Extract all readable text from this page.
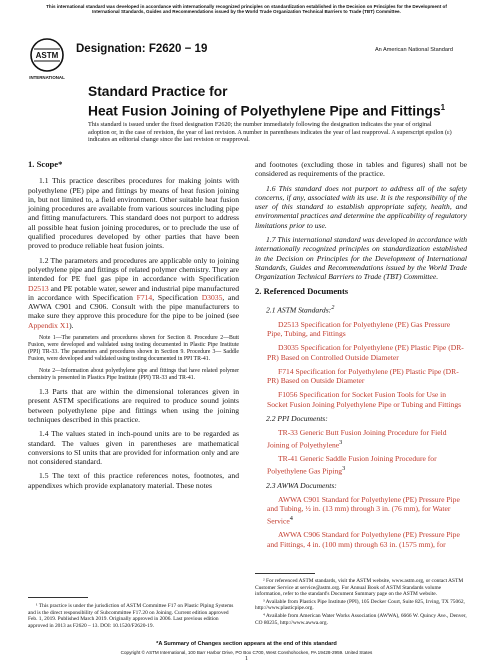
This international standard was developed in accordance with internationally recognized principles on standardization established in the Decision on Principles for the Development of International Standards, Guides and Recommendations issued by the World Trade Organization Technical Barriers to Trade (TBT) Committee.
ASTM
INTERNATIONAL
Designation: F2620 − 19	An American National Standard
Standard Practice for
Heat Fusion Joining of Polyethylene Pipe and Fittings$^1$
This standard is issued under the fixed designation F2620; the number immediately following the designation indicates the year of original adoption or, in the case of revision, the year of last revision. A number in parentheses indicates the year of last reapproval. A superscript epsilon (ε) indicates an editorial change since the last revision or reapproval.
1. Scope*

1.1 This practice describes procedures for making joints with polyethylene (PE) pipe and fittings by means of heat fusion joining in, but not limited to, a field environment. Other suitable heat fusion joining procedures are available from various sources including pipe and fitting manufacturers. This standard does not purport to address all possible heat fusion joining procedures, or to preclude the use of qualified procedures developed by other parties that have been proved to produce reliable heat fusion joints.

1.2 The parameters and procedures are applicable only to joining polyethylene pipe and fittings of related polymer chemistry. They are intended for PE fuel gas pipe in accordance with Specification D2513 and PE potable water, sewer and industrial pipe manufactured in accordance with Specification F714, Specification D3035, and AWWA C901 and C906. Consult with the pipe manufacturers to make sure they approve this procedure for the pipe to be joined (see Appendix X1).

Note 1—The parameters and procedures shown for Section 8. Procedure 2—Butt Fusion, were developed and validated using testing documented in Plastic Pipe Institute (PPI) TR-33. The parameters and procedures shown in Section 9. Procedure 3— Saddle Fusion, were developed and validated using testing documented in PPI TR-41.

Note 2—Information about polyethylene pipe and fittings that have related polymer chemistry is presented in Plastics Pipe Institute (PPI) TR-33 and TR-41.

1.3 Parts that are within the dimensional tolerances given in present ASTM specifications are required to produce sound joints between polyethylene pipe and fittings when using the joining techniques described in this practice.

1.4 The values stated in inch-pound units are to be regarded as standard. The values given in parentheses are mathematical conversions to SI units that are provided for information only and are not considered standard.

1.5 The text of this practice references notes, footnotes, and appendixes which provide explanatory material. These notes

and footnotes (excluding those in tables and figures) shall not be considered as requirements of the practice.

1.6 This standard does not purport to address all of the safety concerns, if any, associated with its use. It is the responsibility of the user of this standard to establish appropriate safety, health, and environmental practices and determine the applicability of regulatory limitations prior to use.

1.7 This international standard was developed in accordance with internationally recognized principles on standardization established in the Decision on Principles for the Development of International Standards, Guides and Recommendations issued by the World Trade Organization Technical Barriers to Trade (TBT) Committee.

2. Referenced Documents

2.1 ASTM Standards:$^2$

D2513 Specification for Polyethylene (PE) Gas Pressure Pipe, Tubing, and Fittings

D3035 Specification for Polyethylene (PE) Plastic Pipe (DR-PR) Based on Controlled Outside Diameter

F714 Specification for Polyethylene (PE) Plastic Pipe (DR-PR) Based on Outside Diameter

F1056 Specification for Socket Fusion Tools for Use in Socket Fusion Joining Polyethylene Pipe or Tubing and Fittings

2.2 PPI Documents:

TR-33 Generic Butt Fusion Joining Procedure for Field Joining of Polyethylene$^3$

TR-41 Generic Saddle Fusion Joining Procedure for Polyethylene Gas Piping$^3$

2.3 AWWA Documents:

AWWA C901 Standard for Polyethylene (PE) Pressure Pipe and Tubing, ½ in. (13 mm) through 3 in. (76 mm), for Water Service$^4$

AWWA C906 Standard for Polyethylene (PE) Pressure Pipe and Fittings, 4 in. (100 mm) through 63 in. (1575 mm), for

¹ This practice is under the jurisdiction of ASTM Committee F17 on Plastic Piping Systems and is the direct responsibility of Subcommittee F17.20 on Joining. Current edition approved Feb. 1, 2019. Published March 2019. Originally approved in 2006. Last previous edition approved in 2013 as F2620 – 13. DOI: 10.1520/F2620-19.

² For referenced ASTM standards, visit the ASTM website, www.astm.org, or contact ASTM Customer Service at service@astm.org. For Annual Book of ASTM Standards volume information, refer to the standard's Document Summary page on the ASTM website.

³ Available from Plastics Pipe Institute (PPI), 105 Decker Court, Suite 825, Irving, TX 75062, http://www.plasticpipe.org.

⁴ Available from American Water Works Association (AWWA), 6666 W. Quincy Ave., Denver, CO 80235, http://www.awwa.org.

*A Summary of Changes section appears at the end of this standard
Copyright © ASTM International, 100 Barr Harbor Drive, PO Box C700, West Conshohocken, PA 19428-2959. United States
1
